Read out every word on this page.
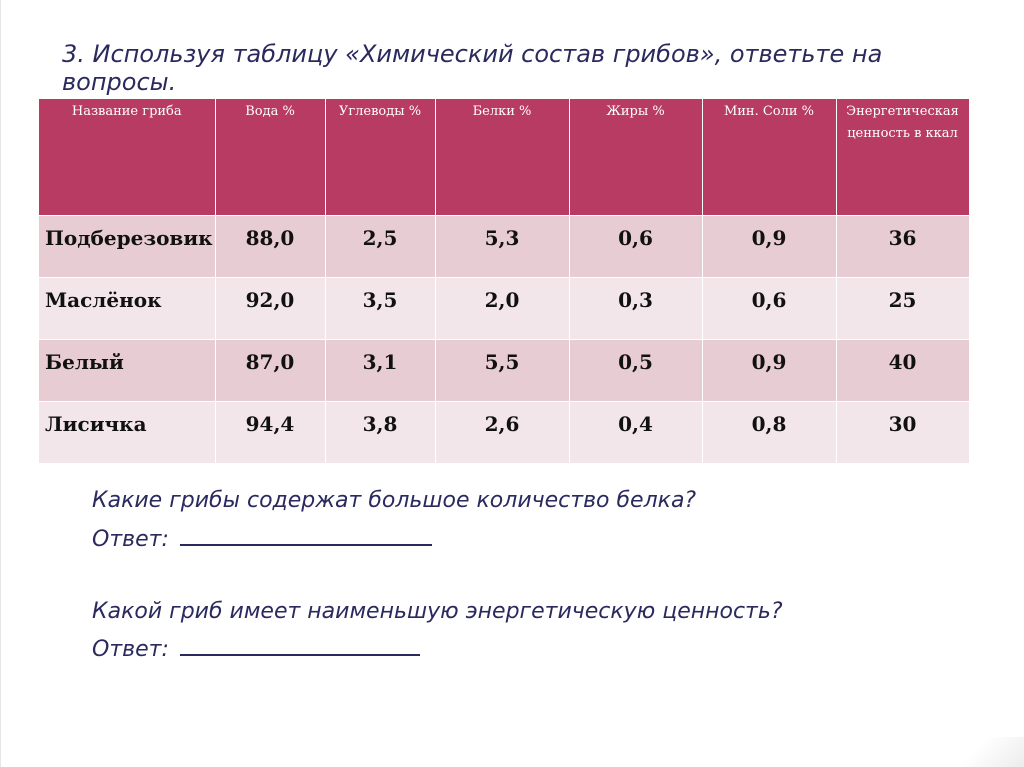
3. Используя таблицу «Химический состав грибов», ответьте на вопросы.
Название гриба	Вода %	Углеводы %	Белки %	Жиры %	Мин. Соли %	Энергетическая ценность в ккал
Подберезовик	88,0	2,5	5,3	0,6	0,9	36
Маслёнок	92,0	3,5	2,0	0,3	0,6	25
Белый	87,0	3,1	5,5	0,5	0,9	40
Лисичка	94,4	3,8	2,6	0,4	0,8	30
Какие грибы содержат большое количество белка?
Ответ:
Какой гриб имеет наименьшую энергетическую ценность?
Ответ:
